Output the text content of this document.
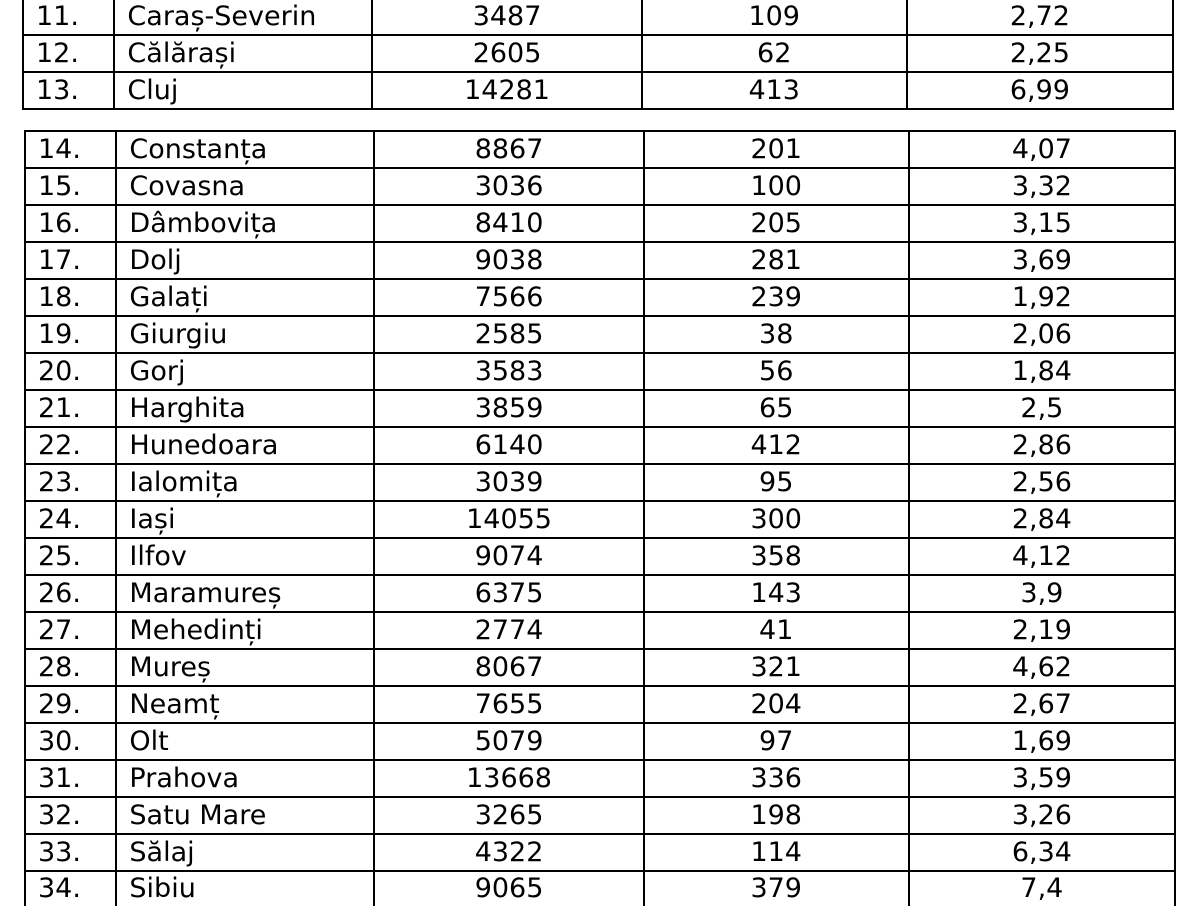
11.	Caraș-Severin	3487	109	2,72
12.	Călărași	2605	62	2,25
13.	Cluj	14281	413	6,99
14.	Constanța	8867	201	4,07
15.	Covasna	3036	100	3,32
16.	Dâmbovița	8410	205	3,15
17.	Dolj	9038	281	3,69
18.	Galați	7566	239	1,92
19.	Giurgiu	2585	38	2,06
20.	Gorj	3583	56	1,84
21.	Harghita	3859	65	2,5
22.	Hunedoara	6140	412	2,86
23.	Ialomița	3039	95	2,56
24.	Iași	14055	300	2,84
25.	Ilfov	9074	358	4,12
26.	Maramureș	6375	143	3,9
27.	Mehedinți	2774	41	2,19
28.	Mureș	8067	321	4,62
29.	Neamț	7655	204	2,67
30.	Olt	5079	97	1,69
31.	Prahova	13668	336	3,59
32.	Satu Mare	3265	198	3,26
33.	Sălaj	4322	114	6,34
34.	Sibiu	9065	379	7,4
